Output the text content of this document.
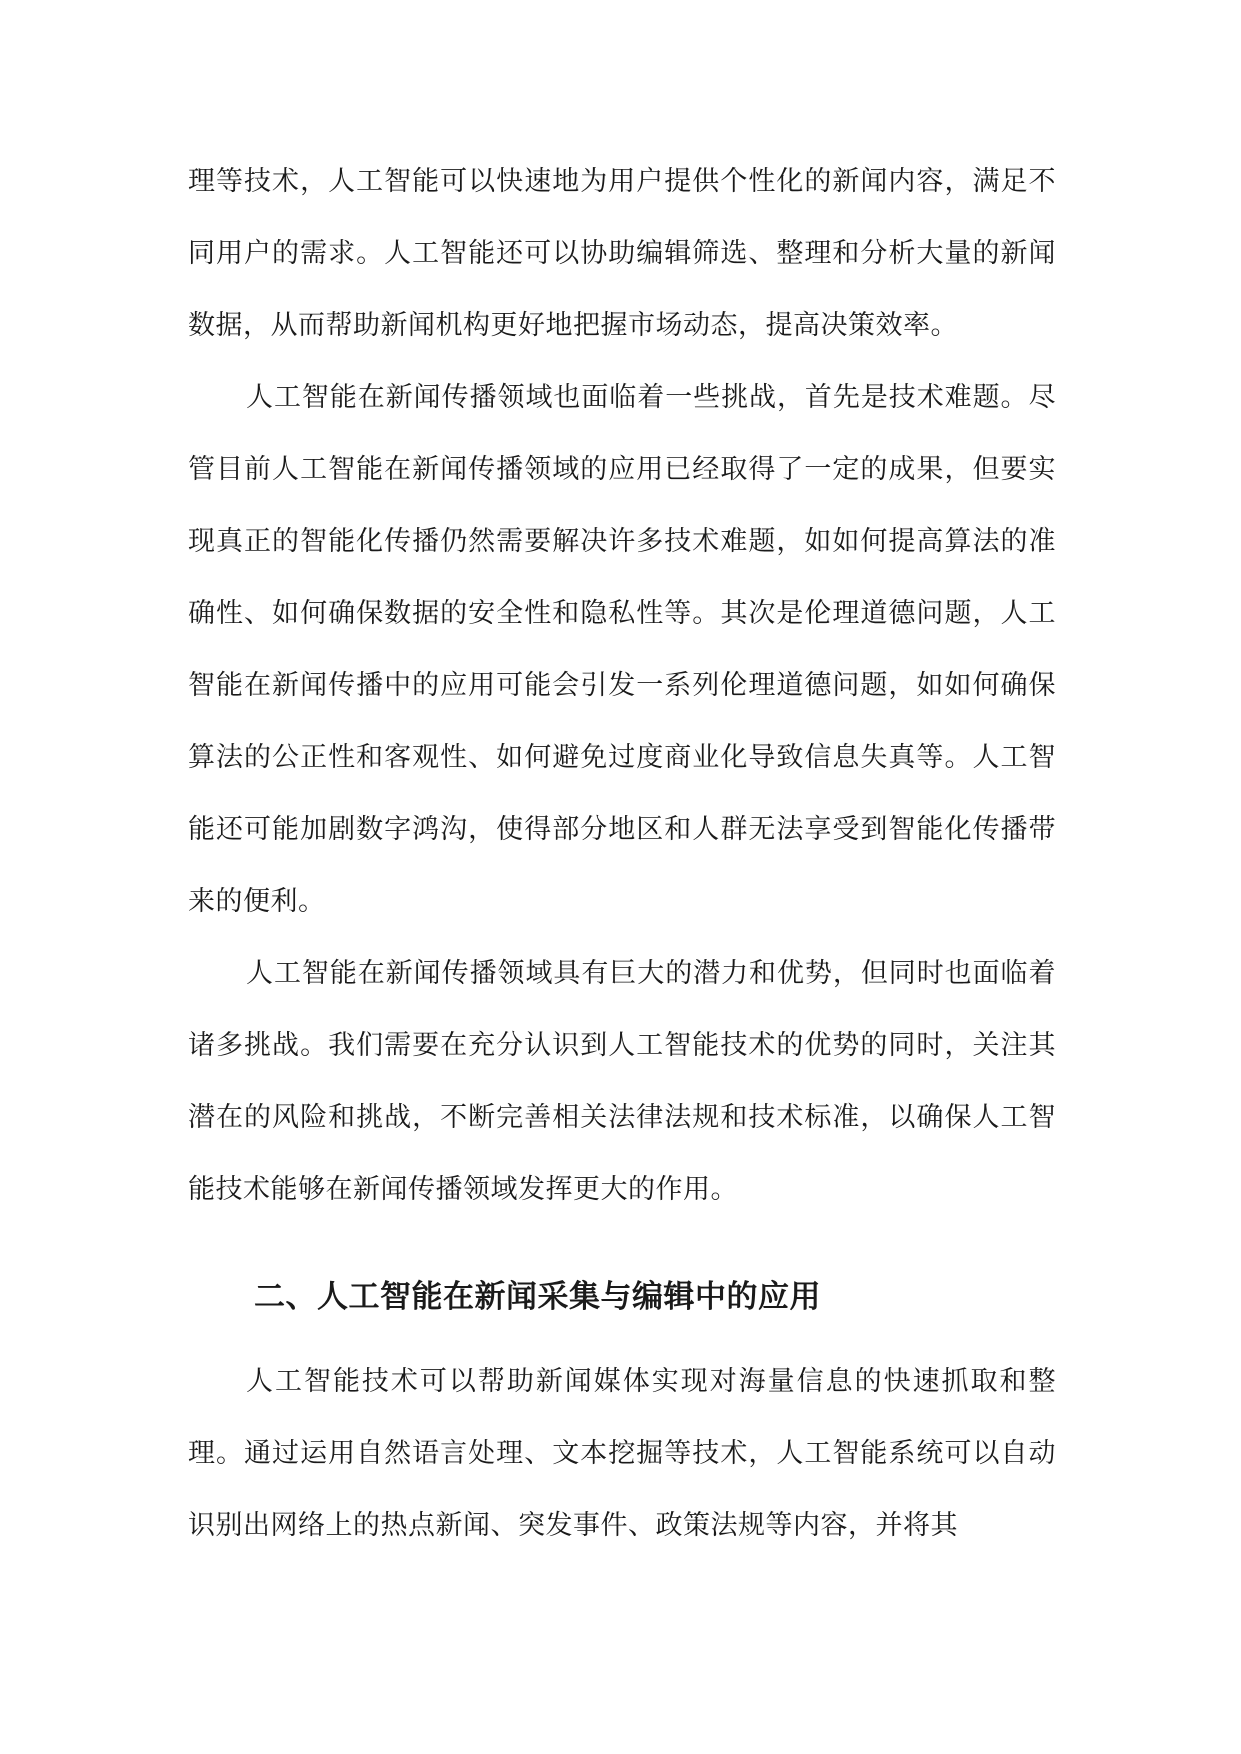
理等技术，人工智能可以快速地为用户提供个性化的新闻内容，满足不同用户的需求。人工智能还可以协助编辑筛选、整理和分析大量的新闻数据，从而帮助新闻机构更好地把握市场动态，提高决策效率。

人工智能在新闻传播领域也面临着一些挑战，首先是技术难题。尽管目前人工智能在新闻传播领域的应用已经取得了一定的成果，但要实现真正的智能化传播仍然需要解决许多技术难题，如如何提高算法的准确性、如何确保数据的安全性和隐私性等。其次是伦理道德问题，人工智能在新闻传播中的应用可能会引发一系列伦理道德问题，如如何确保算法的公正性和客观性、如何避免过度商业化导致信息失真等。人工智能还可能加剧数字鸿沟，使得部分地区和人群无法享受到智能化传播带来的便利。

人工智能在新闻传播领域具有巨大的潜力和优势，但同时也面临着诸多挑战。我们需要在充分认识到人工智能技术的优势的同时，关注其潜在的风险和挑战，不断完善相关法律法规和技术标准，以确保人工智能技术能够在新闻传播领域发挥更大的作用。

二、人工智能在新闻采集与编辑中的应用

人工智能技术可以帮助新闻媒体实现对海量信息的快速抓取和整理。通过运用自然语言处理、文本挖掘等技术，人工智能系统可以自动识别出网络上的热点新闻、突发事件、政策法规等内容，并将其
